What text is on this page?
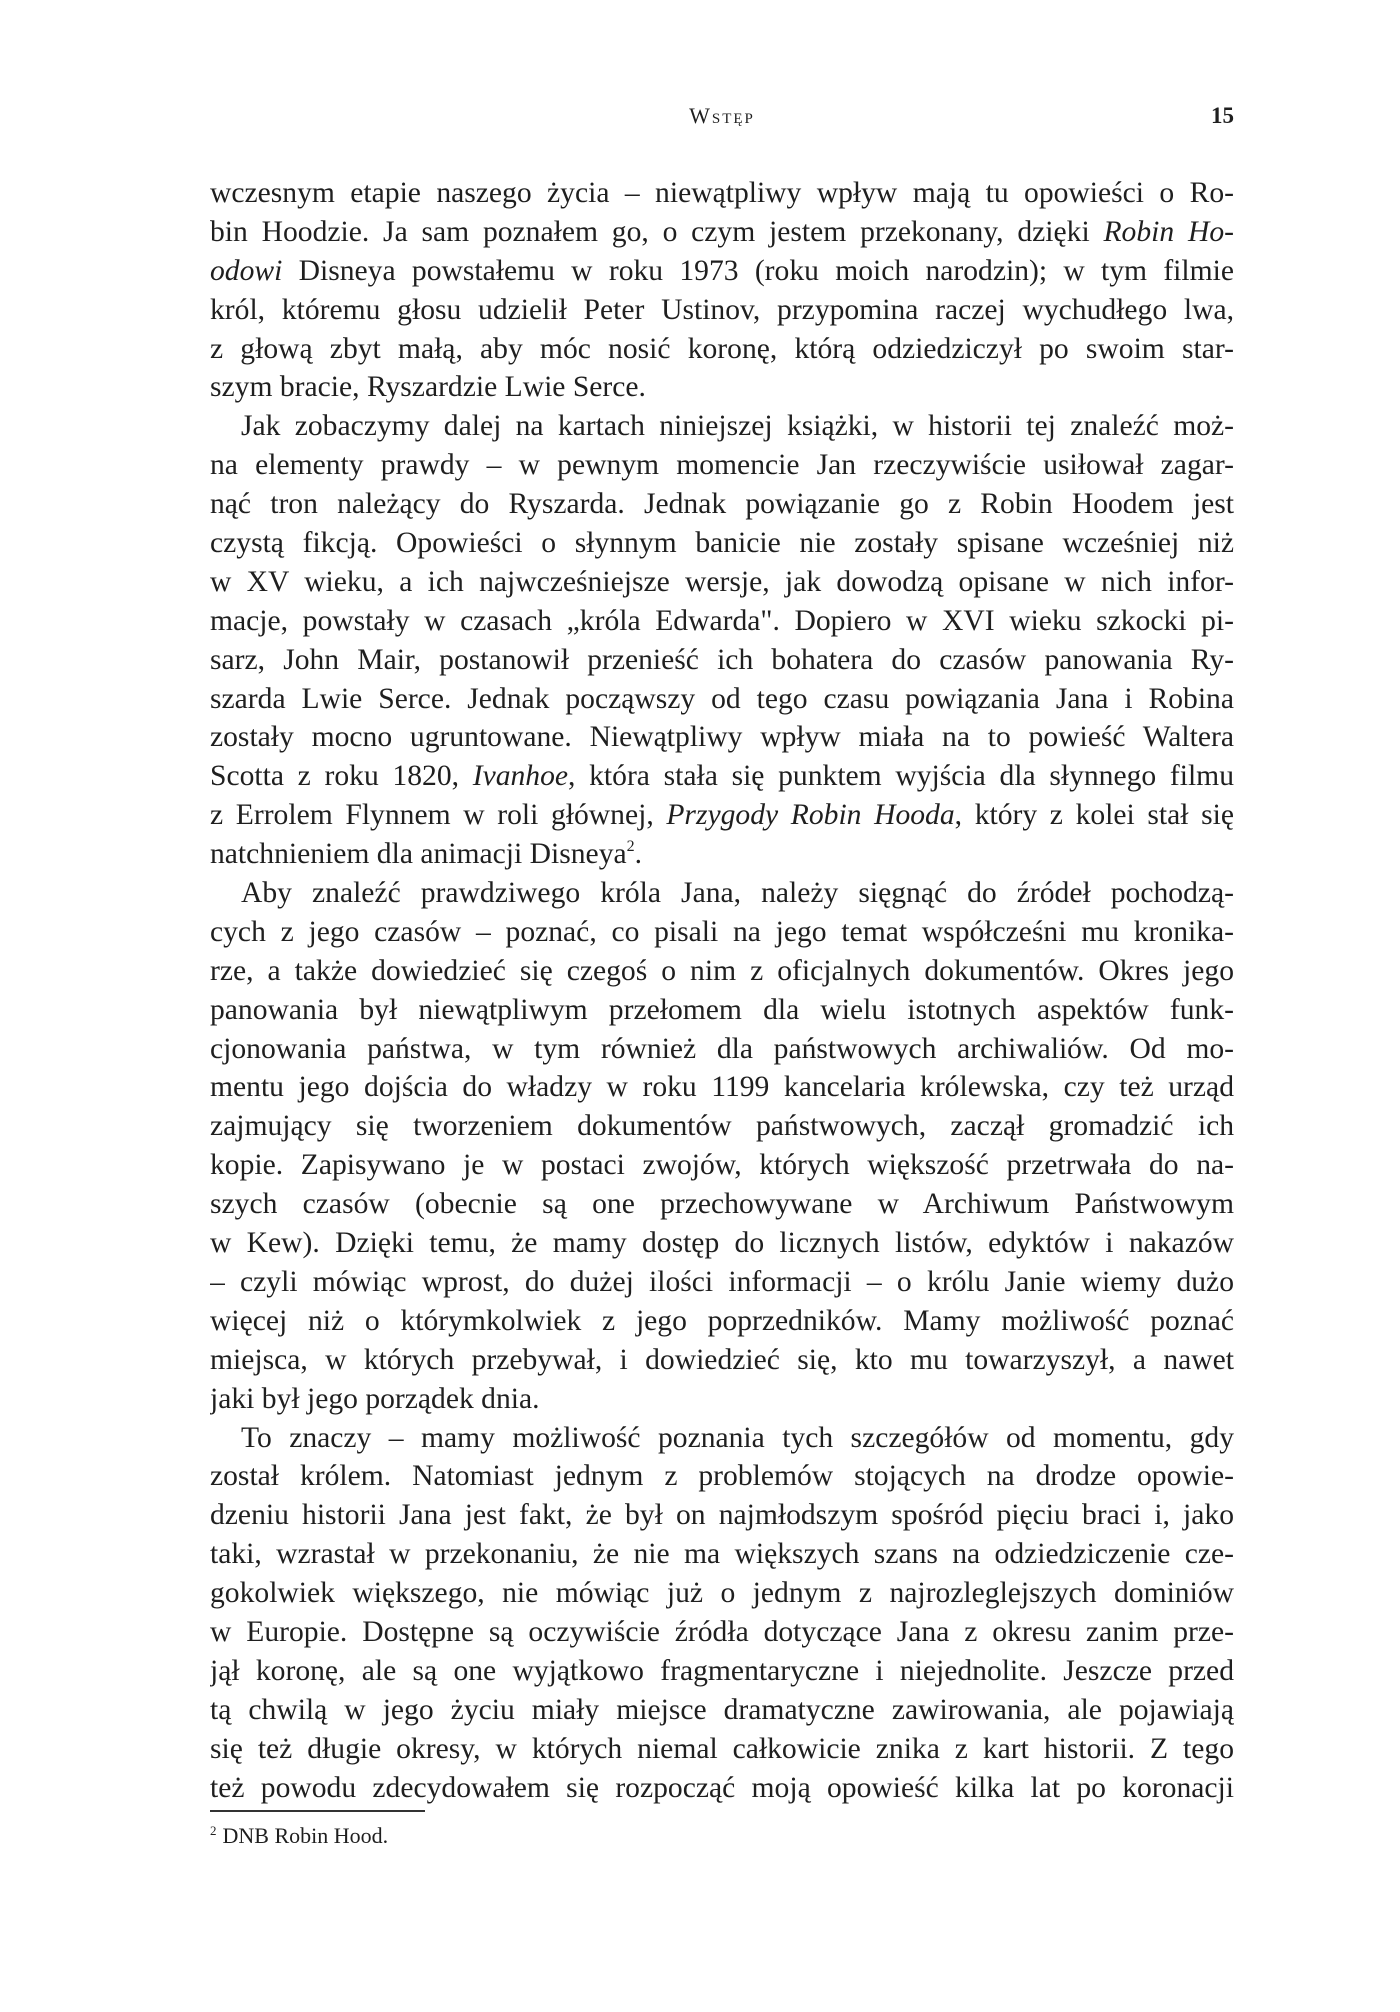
Wstęp	15
wczesnym etapie naszego życia – niewątpliwy wpływ mają tu opowieści o Ro-
bin Hoodzie. Ja sam poznałem go, o czym jestem przekonany, dzięki Robin Ho-
odowi Disneya powstałemu w roku 1973 (roku moich narodzin); w tym filmie
król, któremu głosu udzielił Peter Ustinov, przypomina raczej wychudłego lwa,
z głową zbyt małą, aby móc nosić koronę, którą odziedziczył po swoim star-
szym bracie, Ryszardzie Lwie Serce.
Jak zobaczymy dalej na kartach niniejszej książki, w historii tej znaleźć moż-
na elementy prawdy – w pewnym momencie Jan rzeczywiście usiłował zagar-
nąć tron należący do Ryszarda. Jednak powiązanie go z Robin Hoodem jest
czystą fikcją. Opowieści o słynnym banicie nie zostały spisane wcześniej niż
w XV wieku, a ich najwcześniejsze wersje, jak dowodzą opisane w nich infor-
macje, powstały w czasach „króla Edwarda". Dopiero w XVI wieku szkocki pi-
sarz, John Mair, postanowił przenieść ich bohatera do czasów panowania Ry-
szarda Lwie Serce. Jednak począwszy od tego czasu powiązania Jana i Robina
zostały mocno ugruntowane. Niewątpliwy wpływ miała na to powieść Waltera
Scotta z roku 1820, Ivanhoe, która stała się punktem wyjścia dla słynnego filmu
z Errolem Flynnem w roli głównej, Przygody Robin Hooda, który z kolei stał się
natchnieniem dla animacji Disneya$^2$.
Aby znaleźć prawdziwego króla Jana, należy sięgnąć do źródeł pochodzą-
cych z jego czasów – poznać, co pisali na jego temat współcześni mu kronika-
rze, a także dowiedzieć się czegoś o nim z oficjalnych dokumentów. Okres jego
panowania był niewątpliwym przełomem dla wielu istotnych aspektów funk-
cjonowania państwa, w tym również dla państwowych archiwaliów. Od mo-
mentu jego dojścia do władzy w roku 1199 kancelaria królewska, czy też urząd
zajmujący się tworzeniem dokumentów państwowych, zaczął gromadzić ich
kopie. Zapisywano je w postaci zwojów, których większość przetrwała do na-
szych czasów (obecnie są one przechowywane w Archiwum Państwowym
w Kew). Dzięki temu, że mamy dostęp do licznych listów, edyktów i nakazów
– czyli mówiąc wprost, do dużej ilości informacji – o królu Janie wiemy dużo
więcej niż o którymkolwiek z jego poprzedników. Mamy możliwość poznać
miejsca, w których przebywał, i dowiedzieć się, kto mu towarzyszył, a nawet
jaki był jego porządek dnia.
To znaczy – mamy możliwość poznania tych szczegółów od momentu, gdy
został królem. Natomiast jednym z problemów stojących na drodze opowie-
dzeniu historii Jana jest fakt, że był on najmłodszym spośród pięciu braci i, jako
taki, wzrastał w przekonaniu, że nie ma większych szans na odziedziczenie cze-
gokolwiek większego, nie mówiąc już o jednym z najrozleglejszych dominiów
w Europie. Dostępne są oczywiście źródła dotyczące Jana z okresu zanim prze-
jął koronę, ale są one wyjątkowo fragmentaryczne i niejednolite. Jeszcze przed
tą chwilą w jego życiu miały miejsce dramatyczne zawirowania, ale pojawiają
się też długie okresy, w których niemal całkowicie znika z kart historii. Z tego
też powodu zdecydowałem się rozpocząć moją opowieść kilka lat po koronacji
$^2$ DNB Robin Hood.
